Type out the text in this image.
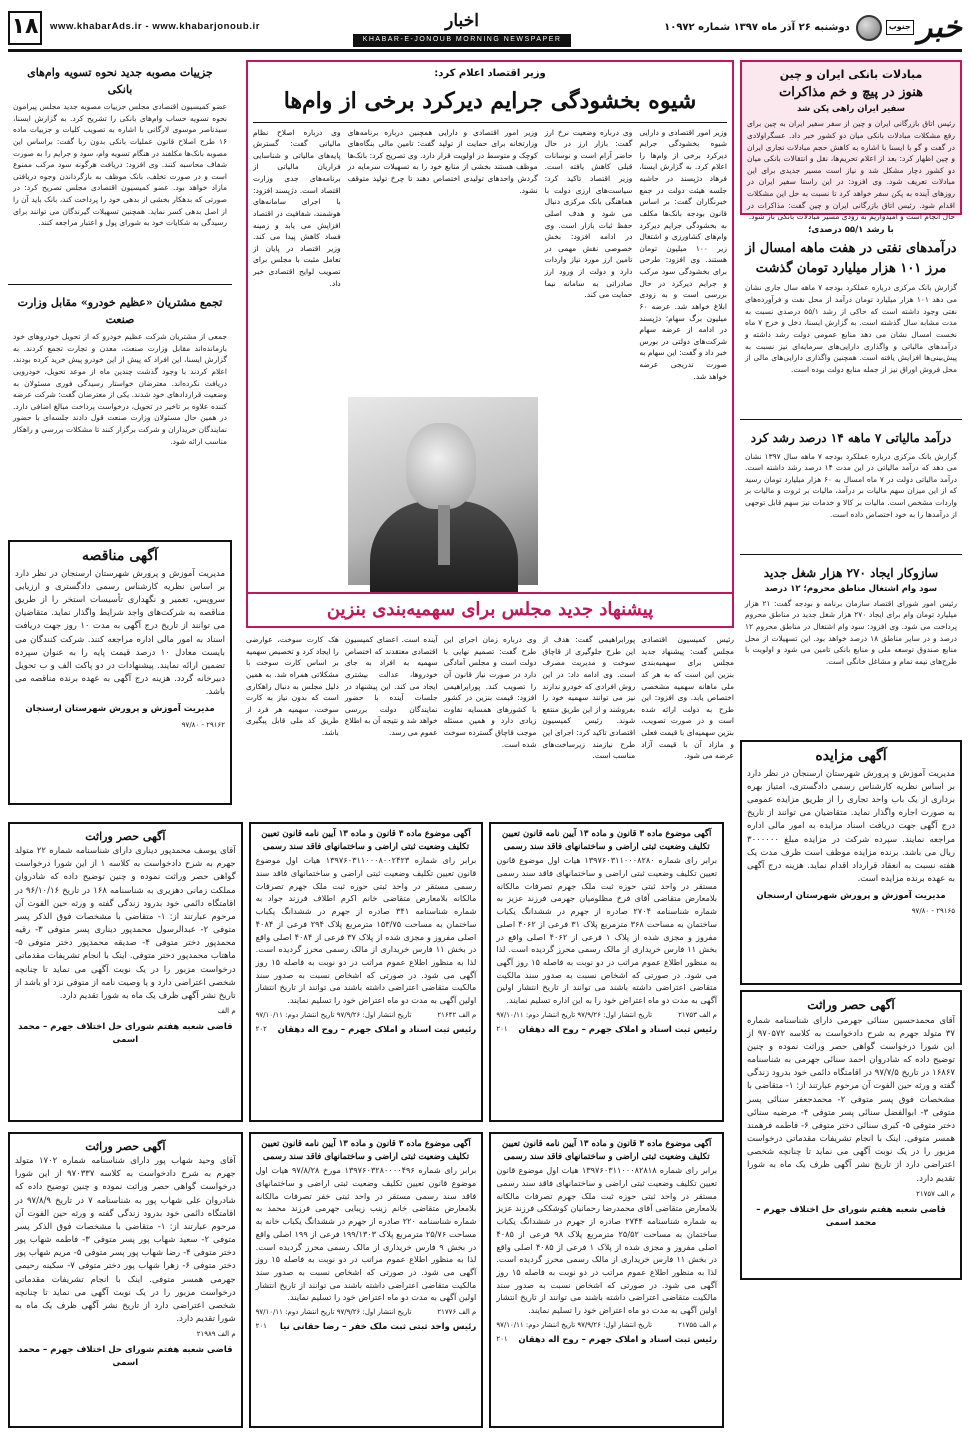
۱۸	www.khabarAds.ir - www.khabarjonoub.ir	اخبار
KHABAR-E-JONOUB MORNING NEWSPAPER
دوشنبه ۲۶ آذر ماه ۱۳۹۷ شماره ۱۰۹۷۲	جنوب خبر
مبادلات بانکی ایران و چین
هنوز در پیچ و خم مذاکرات
سفیر ایران راهی پکن شد
رئیس اتاق بازرگانی ایران و چین از سفر سفیر ایران به چین برای رفع مشکلات مبادلات بانکی میان دو کشور خبر داد. عسگراولادی در گفت و گو با ایسنا با اشاره به کاهش حجم مبادلات تجاری ایران و چین اظهار کرد: بعد از اعلام تحریم‌ها، نقل و انتقالات بانکی میان دو کشور دچار مشکل شد و نیاز است مسیر جدیدی برای این مبادلات تعریف شود. وی افزود: در این راستا سفیر ایران در روزهای آینده به پکن سفر خواهد کرد تا نسبت به حل این مشکلات اقدام شود. رئیس اتاق بازرگانی ایران و چین گفت: مذاکرات در حال انجام است و امیدواریم به زودی مسیر مبادلات بانکی باز شود.
با رشد ۵۵/۱ درصدی؛
درآمدهای نفتی در هفت ماهه امسال از مرز ۱۰۱ هزار میلیارد تومان گذشت
گزارش بانک مرکزی درباره عملکرد بودجه ۷ ماهه سال جاری نشان می دهد ۱۰۱ هزار میلیارد تومان درآمد از محل نفت و فرآورده‌های نفتی وجود داشته است که حاکی از رشد ۵۵/۱ درصدی نسبت به مدت مشابه سال گذشته است. به گزارش ایسنا، دخل و خرج ۷ ماه نخست امسال نشان می دهد منابع عمومی دولت رشد داشته و درآمدهای مالیاتی و واگذاری دارایی‌های سرمایه‌ای نیز نسبت به پیش‌بینی‌ها افزایش یافته است. همچنین واگذاری دارایی‌های مالی از محل فروش اوراق نیز از جمله منابع دولت بوده است.
درآمد مالیاتی ۷ ماهه ۱۴ درصد رشد کرد
گزارش بانک مرکزی درباره عملکرد بودجه ۷ ماهه سال ۱۳۹۷ نشان می دهد که درآمد مالیاتی در این مدت ۱۴ درصد رشد داشته است. درآمد مالیاتی دولت در ۷ ماه امسال به ۶۰ هزار میلیارد تومان رسید که از این میزان سهم مالیات بر درآمد، مالیات بر ثروت و مالیات بر واردات مشخص است. مالیات بر کالا و خدمات نیز سهم قابل توجهی از درآمدها را به خود اختصاص داده است.
سازوکار ایجاد ۲۷۰ هزار شغل جدید
سود وام اشتغال مناطق محروم؛ ۱۲ درصد
رئیس امور شورای اقتصاد سازمان برنامه و بودجه گفت: ۲۱ هزار میلیارد تومان وام برای ایجاد ۲۷۰ هزار شغل جدید در مناطق محروم پرداخت می شود. وی افزود: سود وام اشتغال در مناطق محروم ۱۲ درصد و در سایر مناطق ۱۸ درصد خواهد بود. این تسهیلات از محل منابع صندوق توسعه ملی و منابع بانکی تامین می شود و اولویت با طرح‌های نیمه تمام و مشاغل خانگی است.
آگهی مزایده
مدیریت آموزش و پرورش شهرستان ارسنجان در نظر دارد بر اساس نظریه کارشناس رسمی دادگستری، امتیاز بهره برداری از یک باب واحد تجاری را از طریق مزایده عمومی به صورت اجاره واگذار نماید. متقاضیان می توانند از تاریخ درج آگهی جهت دریافت اسناد مزایده به امور مالی اداره مراجعه نمایند. سپرده شرکت در مزایده مبلغ ۳۰۰۰۰۰۰ ریال می باشد. برنده مزایده موظف است ظرف مدت یک هفته نسبت به انعقاد قرارداد اقدام نماید. هزینه درج آگهی به عهده برنده مزایده است.
مدیریت آموزش و پرورش شهرستان ارسنجان
۲۹۱۶۵ - ۹۷/۸۰
آگهی حصر وراثت
آقای محمدحسین سنائی جهرمی دارای شناسنامه شماره ۳۷ متولد جهرم به شرح دادخواست به کلاسه ۹۷۰۵۷۲ از این شورا درخواست گواهی حصر وراثت نموده و چنین توضیح داده که شادروان احمد سنائی جهرمی به شناسنامه ۱۶۸۶۷ در تاریخ ۹۷/۷/۵ در اقامتگاه دائمی خود بدرود زندگی گفته و ورثه حین الفوت آن مرحوم عبارتند از: ۱- متقاضی با مشخصات فوق پسر متوفی ۲- محمدجعفر سنائی پسر متوفی ۳- ابوالفضل سنائی پسر متوفی ۴- مرضیه سنائی دختر متوفی ۵- کبری سنائی دختر متوفی ۶- فاطمه فرهمند همسر متوفی. اینک با انجام تشریفات مقدماتی درخواست مزبور را در یک نوبت آگهی می نماید تا چنانچه شخصی اعتراضی دارد از تاریخ نشر آگهی ظرف یک ماه به شورا تقدیم دارد.
م الف ۲۱۷۵۷
قاضی شعبه هفتم شورای حل اختلاف جهرم – محمد اسمی
وزیر اقتصاد اعلام کرد:
شیوه بخشودگی جرایم دیرکرد برخی از وام‌ها
وزیر امور اقتصادی و دارایی شیوه بخشودگی جرایم دیرکرد برخی از وام‌ها را اعلام کرد. به گزارش ایسنا، فرهاد دژپسند در حاشیه جلسه هیئت دولت در جمع خبرنگاران گفت: بر اساس قانون بودجه بانک‌ها مکلف به بخشودگی جرایم دیرکرد وام‌های کشاورزی و اشتغال زیر ۱۰۰ میلیون تومان هستند. وی افزود: طرحی برای بخشودگی سود مرکب و جرایم دیرکرد در حال بررسی است و به زودی ابلاغ خواهد شد. عرضه ۶۰ میلیون برگ سهام؛ دژپسند در ادامه از عرضه سهام شرکت‌های دولتی در بورس خبر داد و گفت: این سهام به صورت تدریجی عرضه خواهد شد.
وی درباره وضعیت نرخ ارز گفت: بازار ارز در حال حاضر آرام است و نوسانات قبلی کاهش یافته است. وزیر اقتصاد تاکید کرد: سیاست‌های ارزی دولت با هماهنگی بانک مرکزی دنبال می شود و هدف اصلی حفظ ثبات بازار است. وی در ادامه افزود: بخش خصوصی نقش مهمی در تامین ارز مورد نیاز واردات دارد و دولت از ورود ارز صادراتی به سامانه نیما حمایت می کند.
وزیر امور اقتصادی و دارایی همچنین درباره برنامه‌های وزارتخانه برای حمایت از تولید گفت: تامین مالی بنگاه‌های کوچک و متوسط در اولویت قرار دارد. وی تصریح کرد: بانک‌ها موظف هستند بخشی از منابع خود را به تسهیلات سرمایه در گردش واحدهای تولیدی اختصاص دهند تا چرخ تولید متوقف نشود.
وی درباره اصلاح نظام مالیاتی گفت: گسترش پایه‌های مالیاتی و شناسایی فراریان مالیاتی از برنامه‌های جدی وزارت اقتصاد است. دژپسند افزود: با اجرای سامانه‌های هوشمند، شفافیت در اقتصاد افزایش می یابد و زمینه فساد کاهش پیدا می کند. وزیر اقتصاد در پایان از تعامل مثبت با مجلس برای تصویب لوایح اقتصادی خبر داد.
پیشنهاد جدید مجلس برای سهمیه‌بندی بنزین
رئیس کمیسیون اقتصادی مجلس گفت: پیشنهاد جدید مجلس برای سهمیه‌بندی بنزین این است که به هر کد ملی ماهانه سهمیه مشخصی اختصاص یابد. وی افزود: این طرح به دولت ارائه شده است و در صورت تصویب، بنزین سهمیه‌ای با قیمت فعلی و مازاد آن با قیمت آزاد عرضه می شود.
پورابراهیمی گفت: هدف از این طرح جلوگیری از قاچاق سوخت و مدیریت مصرف است. وی ادامه داد: در این روش افرادی که خودرو ندارند نیز می توانند سهمیه خود را بفروشند و از این طریق منتفع شوند. رئیس کمیسیون اقتصادی تاکید کرد: اجرای این طرح نیازمند زیرساخت‌های مناسب است.
وی درباره زمان اجرای این طرح گفت: تصمیم نهایی با دولت است و مجلس آمادگی دارد در صورت نیاز قانون آن را تصویب کند. پورابراهیمی افزود: قیمت بنزین در کشور با کشورهای همسایه تفاوت زیادی دارد و همین مسئله موجب قاچاق گسترده سوخت شده است.
آینده است. اعضای کمیسیون اقتصادی معتقدند که اختصاص سهمیه به افراد به جای خودروها، عدالت بیشتری ایجاد می کند. این پیشنهاد در جلسات آینده با حضور نمایندگان دولت بررسی خواهد شد و نتیجه آن به اطلاع عموم می رسد.
هک کارت سوخت، عوارضی را ایجاد کرد و تخصیص سهمیه بر اساس کارت سوخت با مشکلاتی همراه شد. به همین دلیل مجلس به دنبال راهکاری است که بدون نیاز به کارت سوخت، سهمیه هر فرد از طریق کد ملی قابل پیگیری باشد.
جزییات مصوبه جدید نحوه تسویه وام‌های بانکی
عضو کمیسیون اقتصادی مجلس جزییات مصوبه جدید مجلس پیرامون نحوه تسویه حساب وام‌های بانکی را تشریح کرد. به گزارش ایسنا، سیدناصر موسوی لارگانی با اشاره به تصویب کلیات و جزییات ماده ۱۶ طرح اصلاح قانون عملیات بانکی بدون ربا گفت: براساس این مصوبه بانک‌ها مکلفند در هنگام تسویه وام، سود و جرایم را به صورت شفاف محاسبه کنند. وی افزود: دریافت هرگونه سود مرکب ممنوع است و در صورت تخلف، بانک موظف به بازگرداندن وجوه دریافتی مازاد خواهد بود. عضو کمیسیون اقتصادی مجلس تصریح کرد: در صورتی که بدهکار بخشی از بدهی خود را پرداخت کند، بانک باید آن را از اصل بدهی کسر نماید. همچنین تسهیلات گیرندگان می توانند برای رسیدگی به شکایات خود به شورای پول و اعتبار مراجعه کنند.
تجمع مشتریان «عظیم خودرو» مقابل وزارت صنعت
جمعی از مشتریان شرکت عظیم خودرو که از تحویل خودروهای خود بازمانده‌اند مقابل وزارت صنعت، معدن و تجارت تجمع کردند. به گزارش ایسنا، این افراد که پیش از این خودرو پیش خرید کرده بودند، اعلام کردند با وجود گذشت چندین ماه از موعد تحویل، خودرویی دریافت نکرده‌اند. معترضان خواستار رسیدگی فوری مسئولان به وضعیت قراردادهای خود شدند. یکی از معترضان گفت: شرکت عرضه کننده علاوه بر تاخیر در تحویل، درخواست پرداخت مبالغ اضافی دارد. در همین حال مسئولان وزارت صنعت قول دادند جلسه‌ای با حضور نمایندگان خریداران و شرکت برگزار کنند تا مشکلات بررسی و راهکار مناسب ارائه شود.
آگهی مناقصه
مدیریت آموزش و پرورش شهرستان ارسنجان در نظر دارد بر اساس نظریه کارشناس رسمی دادگستری و ارزیابی سرویس، تعمیر و نگهداری تأسیسات استخر را از طریق مناقصه به شرکت‌های واجد شرایط واگذار نماید. متقاضیان می توانند از تاریخ درج آگهی به مدت ۱۰ روز جهت دریافت اسناد به امور مالی اداره مراجعه کنند. شرکت کنندگان می بایست معادل ۱۰ درصد قیمت پایه را به عنوان سپرده تضمین ارائه نمایند. پیشنهادات در دو پاکت الف و ب تحویل دبیرخانه گردد. هزینه درج آگهی به عهده برنده مناقصه می باشد.
مدیریت آموزش و پرورش شهرستان ارسنجان
۲۹۱۶۲ - ۹۷/۸۰
آگهی حصر وراثت
آقای یوسف محمدپور دیناری دارای شناسنامه شماره ۲۲ متولد جهرم به شرح دادخواست به کلاسه ۱ از این شورا درخواست گواهی حصر وراثت نموده و چنین توضیح داده که شادروان مملکت زمانی دهزیری به شناسنامه ۱۶۸ در تاریخ ۹۶/۱۰/۱۶ در اقامتگاه دائمی خود بدرود زندگی گفته و ورثه حین الفوت آن مرحوم عبارتند از: ۱- متقاضی با مشخصات فوق الذکر پسر متوفی ۲- عبدالرسول محمدپور دیناری پسر متوفی ۳- رقیه محمدپور دختر متوفی ۴- صدیقه محمدپور دختر متوفی ۵- ماهتاب محمدپور دختر متوفی. اینک با انجام تشریفات مقدماتی درخواست مزبور را در یک نوبت آگهی می نماید تا چنانچه شخصی اعتراضی دارد و یا وصیت نامه از متوفی نزد او باشد از تاریخ نشر آگهی ظرف یک ماه به شورا تقدیم دارد.
م الف
قاضی شعبه هفتم شورای حل اختلاف جهرم – محمد اسمی
آگهی موضوع ماده ۳ قانون و ماده ۱۳ آیین نامه قانون تعیین تکلیف وضعیت ثبتی اراضی و ساختمانهای فاقد سند رسمی
برابر رای شماره ۱۳۹۷۶۰۳۱۱۰۰۰۸۰۰۲۴۲۳ هیات اول موضوع قانون تعیین تکلیف وضعیت ثبتی اراضی و ساختمانهای فاقد سند رسمی مستقر در واحد ثبتی حوزه ثبت ملک جهرم تصرفات مالکانه بلامعارض متقاضی خانم اکرم اطلاف فرزند جواد به شماره شناسنامه ۳۴۱ صادره از جهرم در ششدانگ یکباب ساختمان به مساحت ۱۵۳/۷۵ مترمربع پلاک ۲۹۴ فرعی از ۴۰۸۴ اصلی مفروز و مجزی شده از پلاک ۳۷ فرعی از ۴۰۸۴ اصلی واقع در بخش ۱۱ فارس خریداری از مالک رسمی محرز گردیده است. لذا به منظور اطلاع عموم مراتب در دو نوبت به فاصله ۱۵ روز آگهی می شود. در صورتی که اشخاص نسبت به صدور سند مالکیت متقاضی اعتراضی داشته باشند می توانند از تاریخ انتشار اولین آگهی به مدت دو ماه اعتراض خود را تسلیم نمایند.
م الف ۲۱۶۴۲
تاریخ انتشار اول: ۹۷/۹/۲۶ تاریخ انتشار دوم: ۹۷/۱۰/۱۱
رئیس ثبت اسناد و املاک جهرم – روح اله دهقان
۲۰۲
آگهی موضوع ماده ۳ قانون و ماده ۱۳ آیین نامه قانون تعیین تکلیف وضعیت ثبتی اراضی و ساختمانهای فاقد سند رسمی
برابر رای شماره ۱۳۹۷۶۰۳۱۱۰۰۰۸۲۸۰ هیات اول موضوع قانون تعیین تکلیف وضعیت ثبتی اراضی و ساختمانهای فاقد سند رسمی مستقر در واحد ثبتی حوزه ثبت ملک جهرم تصرفات مالکانه بلامعارض متقاضی آقای فرخ مظلومیان جهرمی فرزند عزیز به شماره شناسنامه ۲۷۰۴ صادره از جهرم در ششدانگ یکباب ساختمان به مساحت ۳۶۸ مترمربع پلاک ۳۱ فرعی از ۴۰۶۲ اصلی مفروز و مجزی شده از پلاک ۱ فرعی از ۴۰۶۲ اصلی واقع در بخش ۱۱ فارس خریداری از مالک رسمی محرز گردیده است. لذا به منظور اطلاع عموم مراتب در دو نوبت به فاصله ۱۵ روز آگهی می شود. در صورتی که اشخاص نسبت به صدور سند مالکیت متقاضی اعتراضی داشته باشند می توانند از تاریخ انتشار اولین آگهی به مدت دو ماه اعتراض خود را به این اداره تسلیم نمایند.
م الف ۲۱۷۵۳
تاریخ انتشار اول: ۹۷/۹/۲۶ تاریخ انتشار دوم: ۹۷/۱۰/۱۱
رئیس ثبت اسناد و املاک جهرم – روح اله دهقان
۲۰۱
آگهی حصر وراثت
آقای وحید شهاب پور دارای شناسنامه شماره ۱۷۰۲ متولد جهرم به شرح دادخواست به کلاسه ۹۷۰۳۳۷ از این شورا درخواست گواهی حصر وراثت نموده و چنین توضیح داده که شادروان علی شهاب پور به شناسنامه ۷ در تاریخ ۹۷/۸/۹ در اقامتگاه دائمی خود بدرود زندگی گفته و ورثه حین الفوت آن مرحوم عبارتند از: ۱- متقاضی با مشخصات فوق الذکر پسر متوفی ۲- سعید شهاب پور پسر متوفی ۳- فاطمه شهاب پور دختر متوفی ۴- رضا شهاب پور پسر متوفی ۵- مریم شهاب پور دختر متوفی ۶- زهرا شهاب پور دختر متوفی ۷- سکینه رحیمی جهرمی همسر متوفی. اینک با انجام تشریفات مقدماتی درخواست مزبور را در یک نوبت آگهی می نماید تا چنانچه شخصی اعتراضی دارد از تاریخ نشر آگهی ظرف یک ماه به شورا تقدیم دارد.
م الف ۲۱۹۸۹
قاضی شعبه هفتم شورای حل اختلاف جهرم – محمد اسمی
آگهی موضوع ماده ۳ قانون و ماده ۱۳ آیین نامه قانون تعیین تکلیف وضعیت ثبتی اراضی و ساختمانهای فاقد سند رسمی
برابر رای شماره ۱۳۹۷۶۰۳۲۸۰۰۰۰۴۹۶ مورخ ۹۷/۸/۲۸ هیات اول موضوع قانون تعیین تکلیف وضعیت ثبتی اراضی و ساختمانهای فاقد سند رسمی مستقر در واحد ثبتی خفر تصرفات مالکانه بلامعارض متقاضی خانم زینب زیبایی جهرمی فرزند محمد به شماره شناسنامه ۲۲۰ صادره از جهرم در ششدانگ یکباب خانه به مساحت ۲۵/۷۶ مترمربع پلاک ۱۹۹/۱۳۰۳ فرعی از ۱۹۹ اصلی واقع در بخش ۹ فارس خریداری از مالک رسمی محرز گردیده است. لذا به منظور اطلاع عموم مراتب در دو نوبت به فاصله ۱۵ روز آگهی می شود. در صورتی که اشخاص نسبت به صدور سند مالکیت متقاضی اعتراضی داشته باشند می توانند از تاریخ انتشار اولین آگهی به مدت دو ماه اعتراض خود را تسلیم نمایند.
م الف ۲۱۷۷۶
تاریخ انتشار اول: ۹۷/۹/۲۶ تاریخ انتشار دوم: ۹۷/۱۰/۱۱
رئیس واحد ثبتی ثبت ملک خفر – رضا حقانی نیا
۲۰۱
آگهی موضوع ماده ۳ قانون و ماده ۱۳ آیین نامه قانون تعیین تکلیف وضعیت ثبتی اراضی و ساختمانهای فاقد سند رسمی
برابر رای شماره ۱۳۹۷۶۰۳۱۱۰۰۰۸۲۸۱۸ هیات اول موضوع قانون تعیین تکلیف وضعیت ثبتی اراضی و ساختمانهای فاقد سند رسمی مستقر در واحد ثبتی حوزه ثبت ملک جهرم تصرفات مالکانه بلامعارض متقاضی آقای محمدرضا رحمانیان کوشککی فرزند عزیز به شماره شناسنامه ۲۷۴۴ صادره از جهرم در ششدانگ یکباب ساختمان به مساحت ۲۵/۵۲ مترمربع پلاک ۹۸ فرعی از ۴۰۸۵ اصلی مفروز و مجزی شده از پلاک ۱ فرعی از ۴۰۸۵ اصلی واقع در بخش ۱۱ فارس خریداری از مالک رسمی محرز گردیده است. لذا به منظور اطلاع عموم مراتب در دو نوبت به فاصله ۱۵ روز آگهی می شود. در صورتی که اشخاص نسبت به صدور سند مالکیت متقاضی اعتراضی داشته باشند می توانند از تاریخ انتشار اولین آگهی به مدت دو ماه اعتراض خود را تسلیم نمایند.
م الف ۲۱۷۵۵
تاریخ انتشار اول: ۹۷/۹/۲۶ تاریخ انتشار دوم: ۹۷/۱۰/۱۱
رئیس ثبت اسناد و املاک جهرم – روح اله دهقان
۲۰۱
